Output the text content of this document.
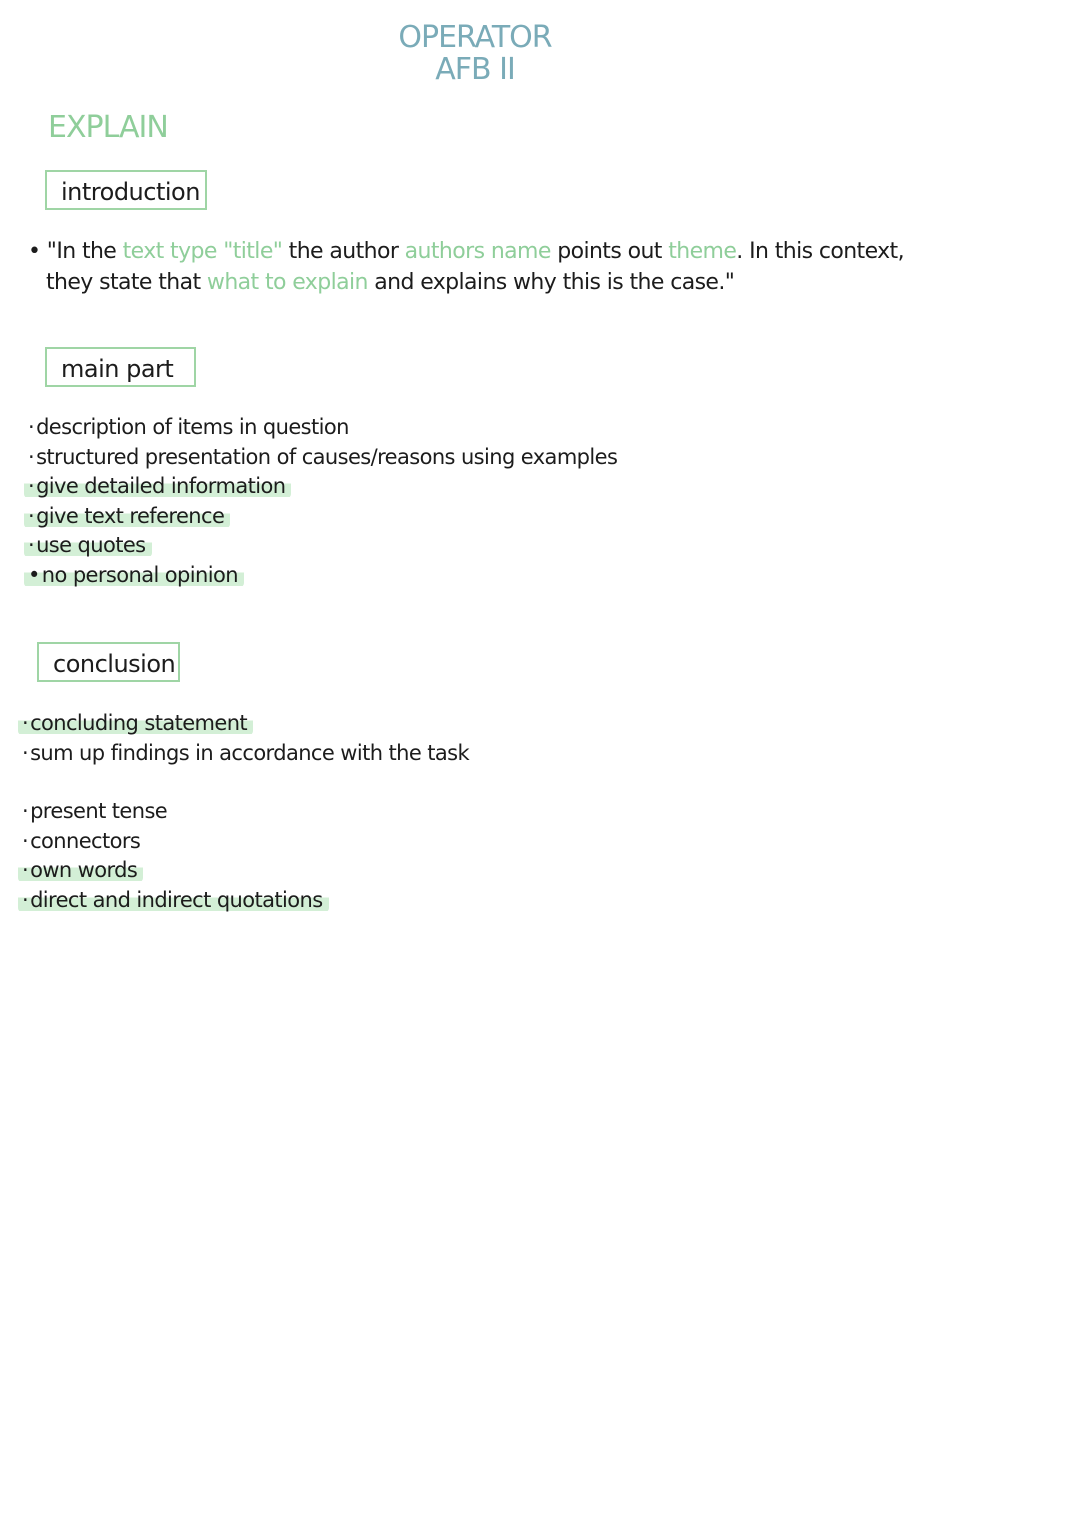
OPERATOR
AFB II
EXPLAIN
introduction
• "In the text type "title" the author authors name points out theme. In this context,
they state that what to explain and explains why this is the case."
main part
·description of items in question
·structured presentation of causes/reasons using examples
·give detailed information
·give text reference
·use quotes
•no personal opinion
conclusion
·concluding statement
·sum up findings in accordance with the task
·present tense
·connectors
·own words
·direct and indirect quotations
